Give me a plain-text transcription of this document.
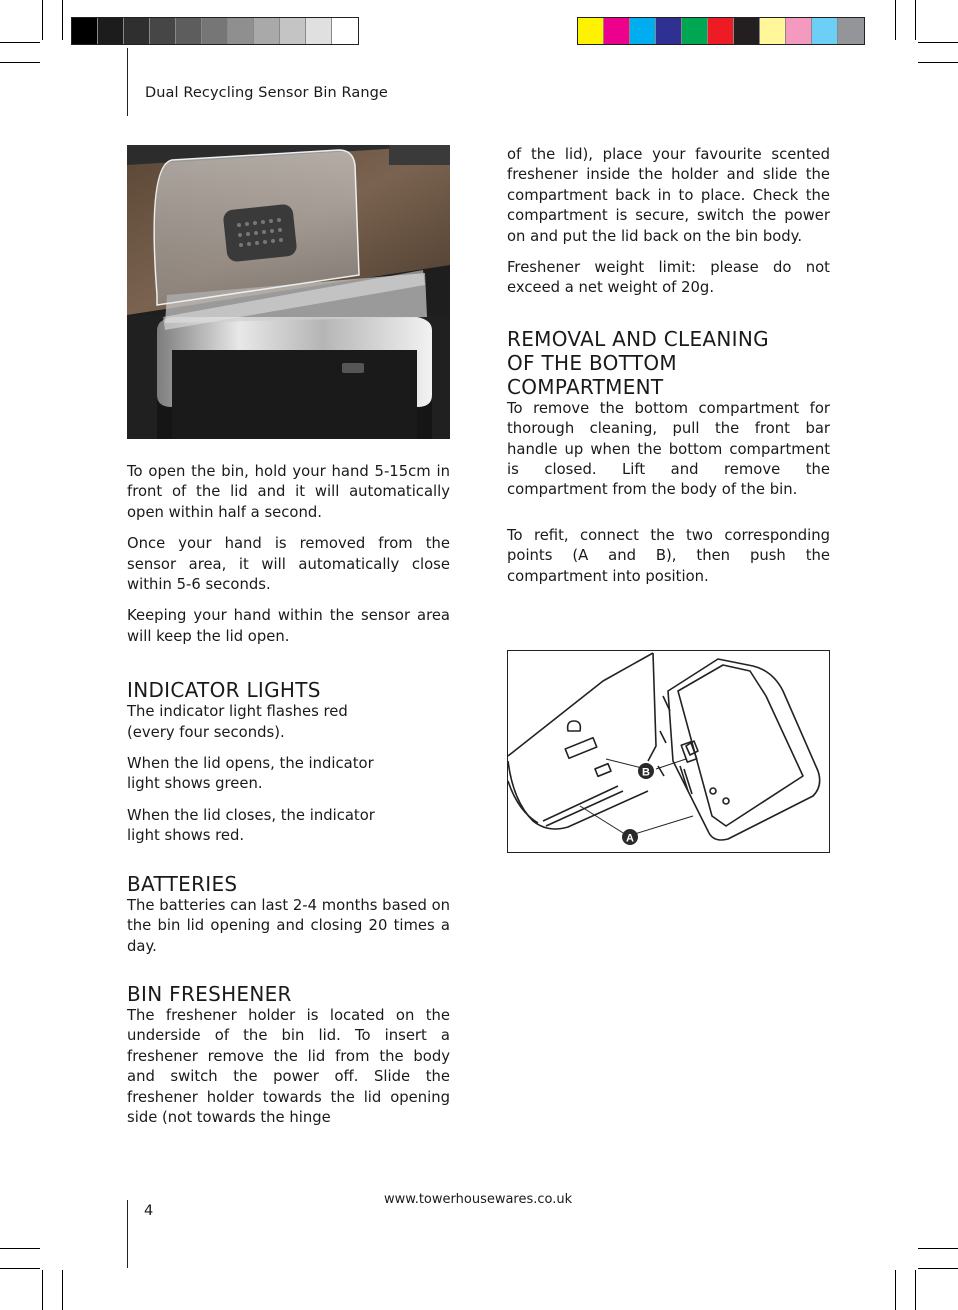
Dual Recycling Sensor Bin Range

To open the bin, hold your hand 5-15cm in front of the lid and it will automatically open within half a second.

Once your hand is removed from the sensor area, it will automatically close within 5-6 seconds.

Keeping your hand within the sensor area will keep the lid open.

INDICATOR LIGHTS

The indicator light flashes red
(every four seconds).

When the lid opens, the indicator
light shows green.

When the lid closes, the indicator
light shows red.

BATTERIES

The batteries can last 2-4 months based on the bin lid opening and closing 20 times a day.

BIN FRESHENER

The freshener holder is located on the underside of the bin lid. To insert a freshener remove the lid from the body and switch the power off. Slide the freshener holder towards the lid opening side (not towards the hinge

of the lid), place your favourite scented freshener inside the holder and slide the compartment back in to place. Check the compartment is secure, switch the power on and put the lid back on the bin body.

Freshener weight limit: please do not exceed a net weight of 20g.

REMOVAL AND CLEANING
OF THE BOTTOM
COMPARTMENT

To remove the bottom compartment for thorough cleaning, pull the front bar handle up when the bottom compartment is closed. Lift and remove the compartment from the body of the bin.

To refit, connect the two corresponding points (A and B), then push the compartment into position.

A
B
4
www.towerhousewares.co.uk
